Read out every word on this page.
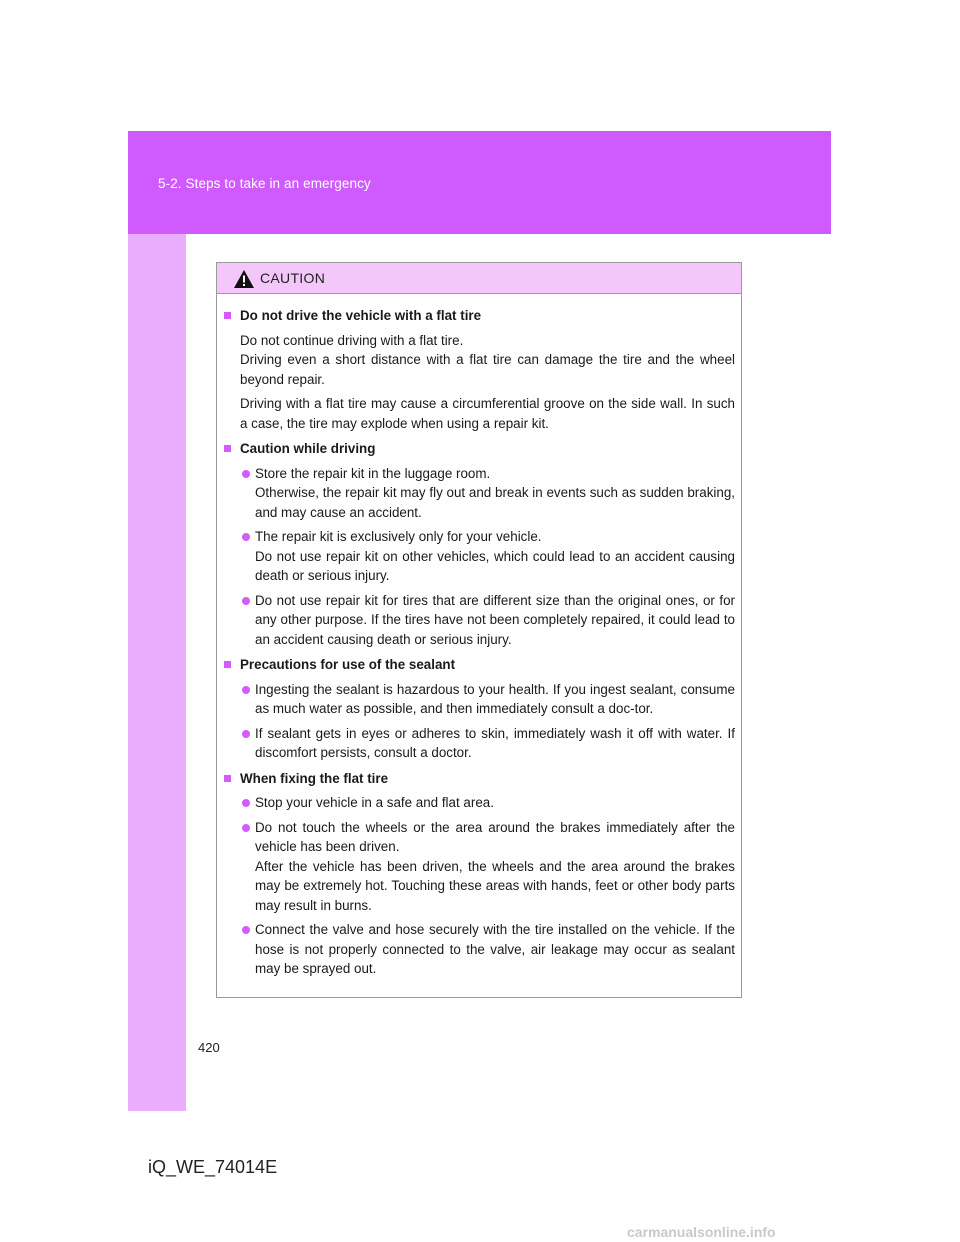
5-2. Steps to take in an emergency
CAUTION
Do not drive the vehicle with a flat tire
Do not continue driving with a flat tire.
Driving even a short distance with a flat tire can damage the tire and the wheel beyond repair.
Driving with a flat tire may cause a circumferential groove on the side wall. In such a case, the tire may explode when using a repair kit.
Caution while driving
Store the repair kit in the luggage room.
Otherwise, the repair kit may fly out and break in events such as sudden braking, and may cause an accident.
The repair kit is exclusively only for your vehicle.
Do not use repair kit on other vehicles, which could lead to an accident causing death or serious injury.
Do not use repair kit for tires that are different size than the original ones, or for any other purpose. If the tires have not been completely repaired, it could lead to an accident causing death or serious injury.
Precautions for use of the sealant
Ingesting the sealant is hazardous to your health. If you ingest sealant, consume as much water as possible, and then immediately consult a doc-tor.
If sealant gets in eyes or adheres to skin, immediately wash it off with water. If discomfort persists, consult a doctor.
When fixing the flat tire
Stop your vehicle in a safe and flat area.
Do not touch the wheels or the area around the brakes immediately after the vehicle has been driven.
After the vehicle has been driven, the wheels and the area around the brakes may be extremely hot. Touching these areas with hands, feet or other body parts may result in burns.
Connect the valve and hose securely with the tire installed on the vehicle. If the hose is not properly connected to the valve, air leakage may occur as sealant may be sprayed out.
420
iQ_WE_74014E
carmanualsonline.info
